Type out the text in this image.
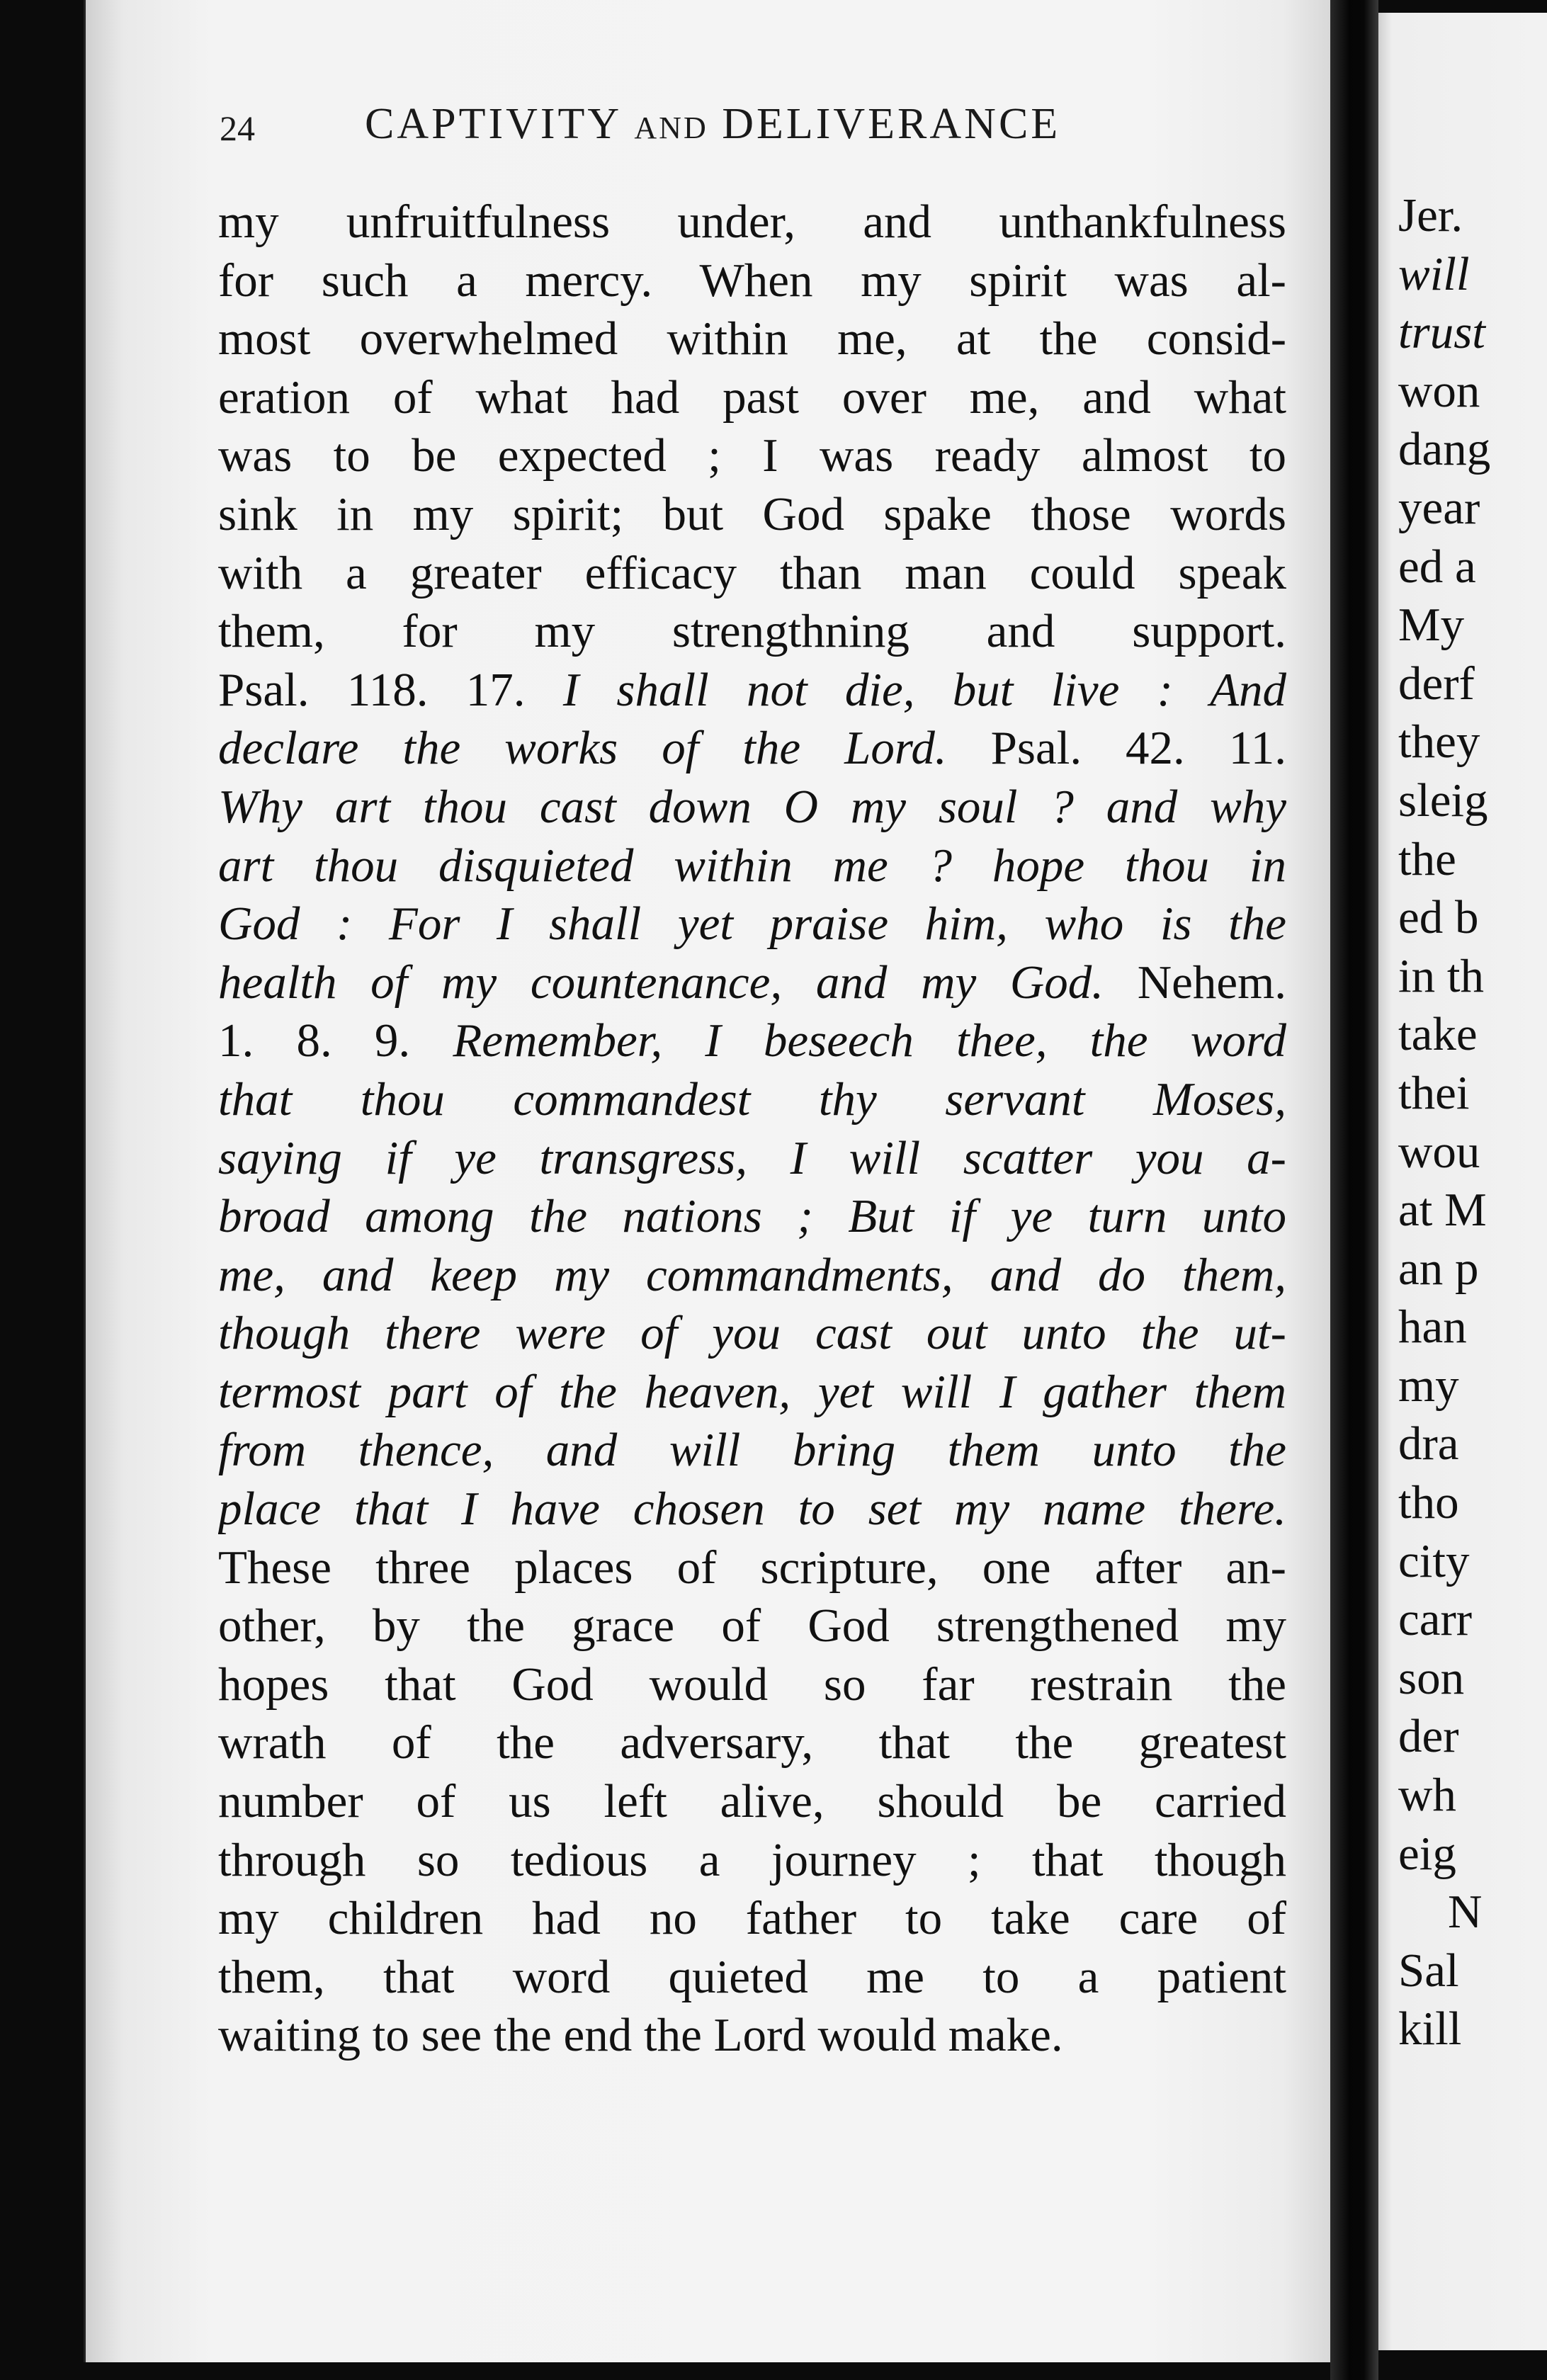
Jer.
will
trust
won
dang
year
ed a
My
derf
they
sleig
the
ed b
in th
take
thei
wou
at M
an p
han
my
dra
tho
city
carr
son
der
wh
eig
N
Sal
kill
24	CAPTIVITY AND DELIVERANCE
my unfruitfulness under, and unthankfulness
for such a mercy. When my spirit was al-
most overwhelmed within me, at the consid-
eration of what had past over me, and what
was to be expected ; I was ready almost to
sink in my spirit; but God spake those words
with a greater efficacy than man could speak
them, for my strengthning and support.
Psal. 118. 17. I shall not die, but live : And
declare the works of the Lord. Psal. 42. 11.
Why art thou cast down O my soul ? and why
art thou disquieted within me ? hope thou in
God : For I shall yet praise him, who is the
health of my countenance, and my God. Nehem.
1. 8. 9. Remember, I beseech thee, the word
that thou commandest thy servant Moses,
saying if ye transgress, I will scatter you a-
broad among the nations ; But if ye turn unto
me, and keep my commandments, and do them,
though there were of you cast out unto the ut-
termost part of the heaven, yet will I gather them
from thence, and will bring them unto the
place that I have chosen to set my name there.
These three places of scripture, one after an-
other, by the grace of God strengthened my
hopes that God would so far restrain the
wrath of the adversary, that the greatest
number of us left alive, should be carried
through so tedious a journey ; that though
my children had no father to take care of
them, that word quieted me to a patient
waiting to see the end the Lord would make.
